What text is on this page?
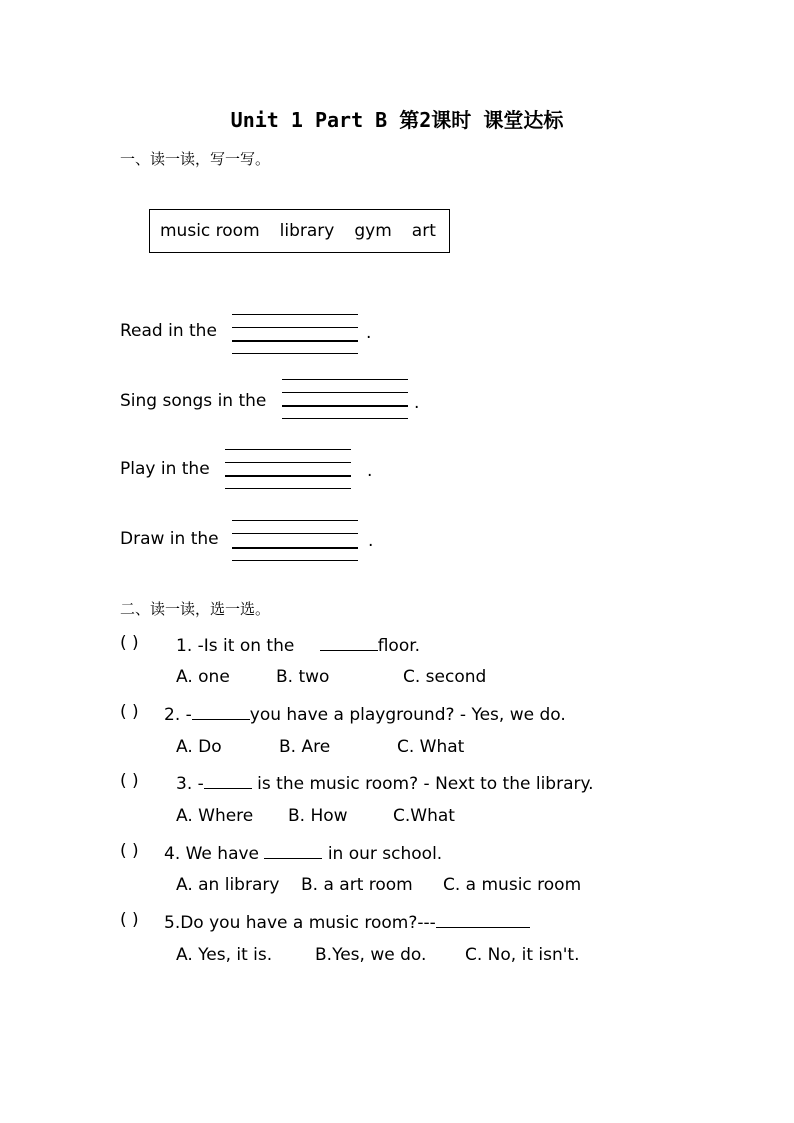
Unit 1 Part B 第2课时 课堂达标
一、读一读，写一写。
music room library gym art
Read in the	.
Sing songs in the	.
Play in the	.
Draw in the	.
二、读一读，选一选。
( ) 1. -Is it on the	floor.
A. one	B. two	C. second
( ) 2. -	you have a playground? - Yes, we do.
A. Do	B. Are	C. What
( ) 3. -	is the music room? - Next to the library.
A. Where B. How	C.What
( ) 4. We have	in our school.
A. an library B. a art room C. a music room
( ) 5.Do you have a music room?---
A. Yes, it is.	B.Yes, we do. C. No, it isn't.
